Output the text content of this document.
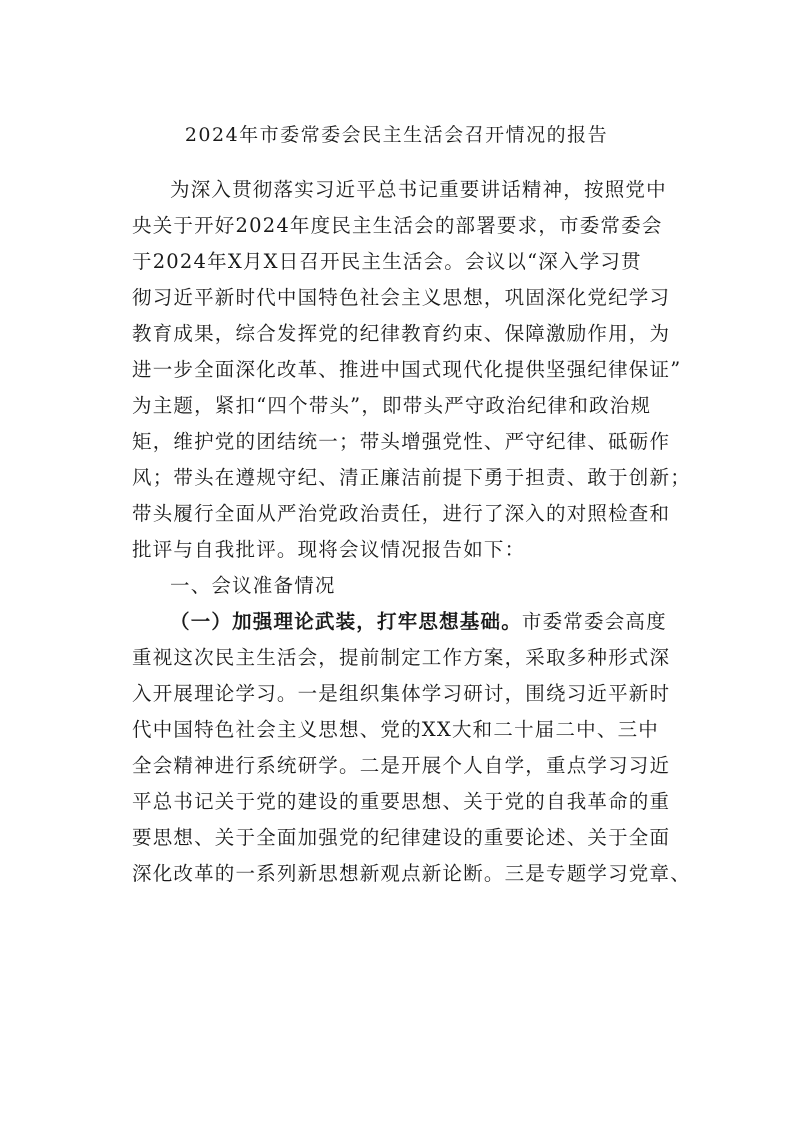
2024年市委常委会民主生活会召开情况的报告
为深入贯彻落实习近平总书记重要讲话精神，按照党中
央关于开好2024年度民主生活会的部署要求，市委常委会
于2024年X月X日召开民主生活会。会议以“深入学习贯
彻习近平新时代中国特色社会主义思想，巩固深化党纪学习
教育成果，综合发挥党的纪律教育约束、保障激励作用，为
进一步全面深化改革、推进中国式现代化提供坚强纪律保证”
为主题，紧扣“四个带头”，即带头严守政治纪律和政治规
矩，维护党的团结统一；带头增强党性、严守纪律、砥砺作
风；带头在遵规守纪、清正廉洁前提下勇于担责、敢于创新；
带头履行全面从严治党政治责任，进行了深入的对照检查和
批评与自我批评。现将会议情况报告如下：
一、会议准备情况
（一）加强理论武装，打牢思想基础。市委常委会高度
重视这次民主生活会，提前制定工作方案，采取多种形式深
入开展理论学习。一是组织集体学习研讨，围绕习近平新时
代中国特色社会主义思想、党的XX大和二十届二中、三中
全会精神进行系统研学。二是开展个人自学，重点学习习近
平总书记关于党的建设的重要思想、关于党的自我革命的重
要思想、关于全面加强党的纪律建设的重要论述、关于全面
深化改革的一系列新思想新观点新论断。三是专题学习党章、
